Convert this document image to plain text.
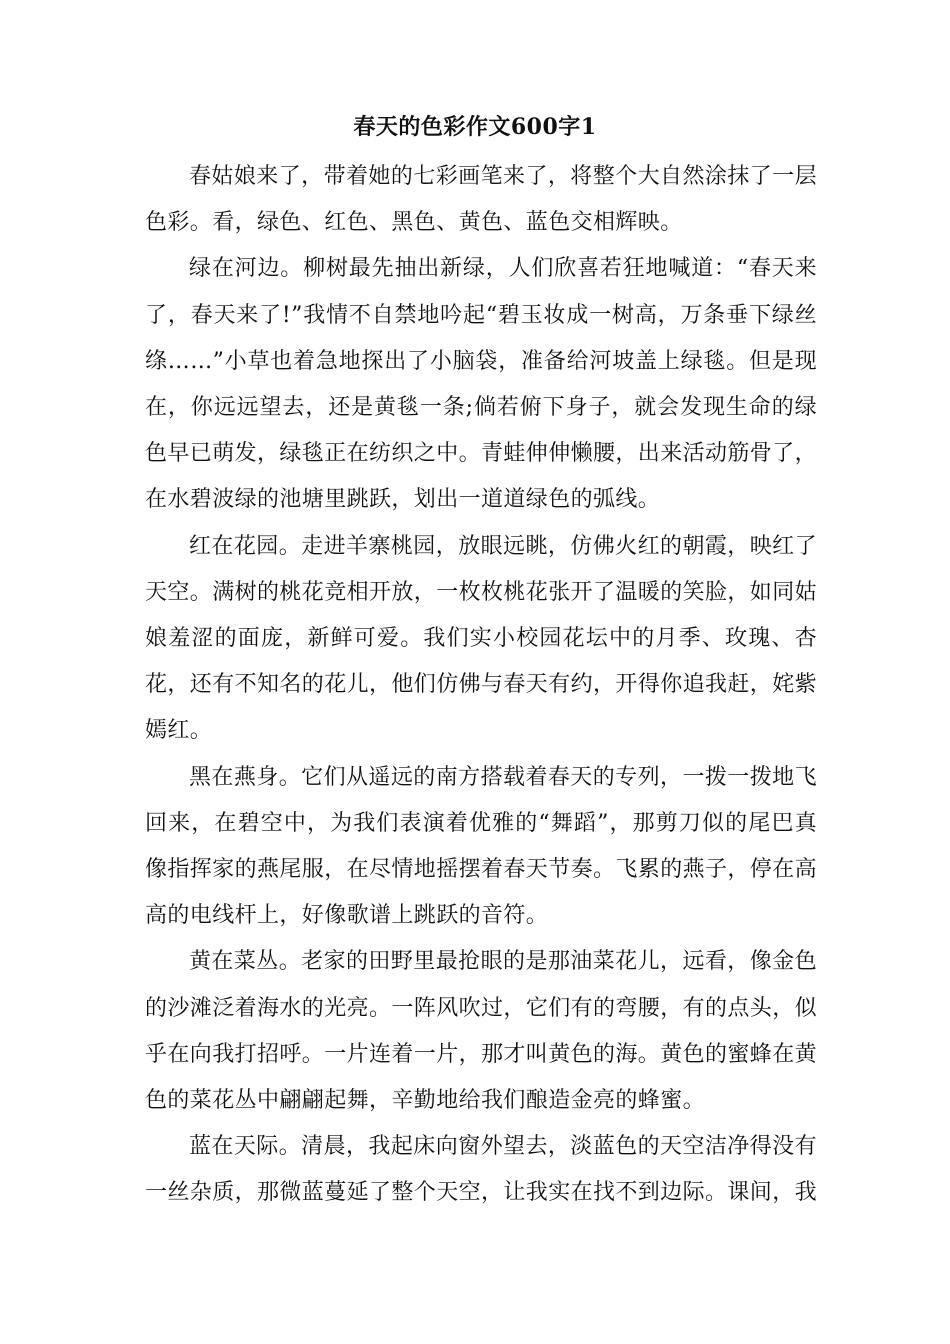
春天的色彩作文600字1

春姑娘来了，带着她的七彩画笔来了，将整个大自然涂抹了一层色彩。看，绿色、红色、黑色、黄色、蓝色交相辉映。

绿在河边。柳树最先抽出新绿，人们欣喜若狂地喊道：“春天来了，春天来了!”我情不自禁地吟起“碧玉妆成一树高，万条垂下绿丝绦……”小草也着急地探出了小脑袋，准备给河坡盖上绿毯。但是现在，你远远望去，还是黄毯一条;倘若俯下身子，就会发现生命的绿色早已萌发，绿毯正在纺织之中。青蛙伸伸懒腰，出来活动筋骨了，在水碧波绿的池塘里跳跃，划出一道道绿色的弧线。

红在花园。走进羊寨桃园，放眼远眺，仿佛火红的朝霞，映红了天空。满树的桃花竞相开放，一枚枚桃花张开了温暖的笑脸，如同姑娘羞涩的面庞，新鲜可爱。我们实小校园花坛中的月季、玫瑰、杏花，还有不知名的花儿，他们仿佛与春天有约，开得你追我赶，姹紫嫣红。

黑在燕身。它们从遥远的南方搭载着春天的专列，一拨一拨地飞回来，在碧空中，为我们表演着优雅的“舞蹈”，那剪刀似的尾巴真像指挥家的燕尾服，在尽情地摇摆着春天节奏。飞累的燕子，停在高高的电线杆上，好像歌谱上跳跃的音符。

黄在菜丛。老家的田野里最抢眼的是那油菜花儿，远看，像金色的沙滩泛着海水的光亮。一阵风吹过，它们有的弯腰，有的点头，似乎在向我打招呼。一片连着一片，那才叫黄色的海。黄色的蜜蜂在黄色的菜花丛中翩翩起舞，辛勤地给我们酿造金亮的蜂蜜。

蓝在天际。清晨，我起床向窗外望去，淡蓝色的天空洁净得没有一丝杂质，那微蓝蔓延了整个天空，让我实在找不到边际。课间，我
